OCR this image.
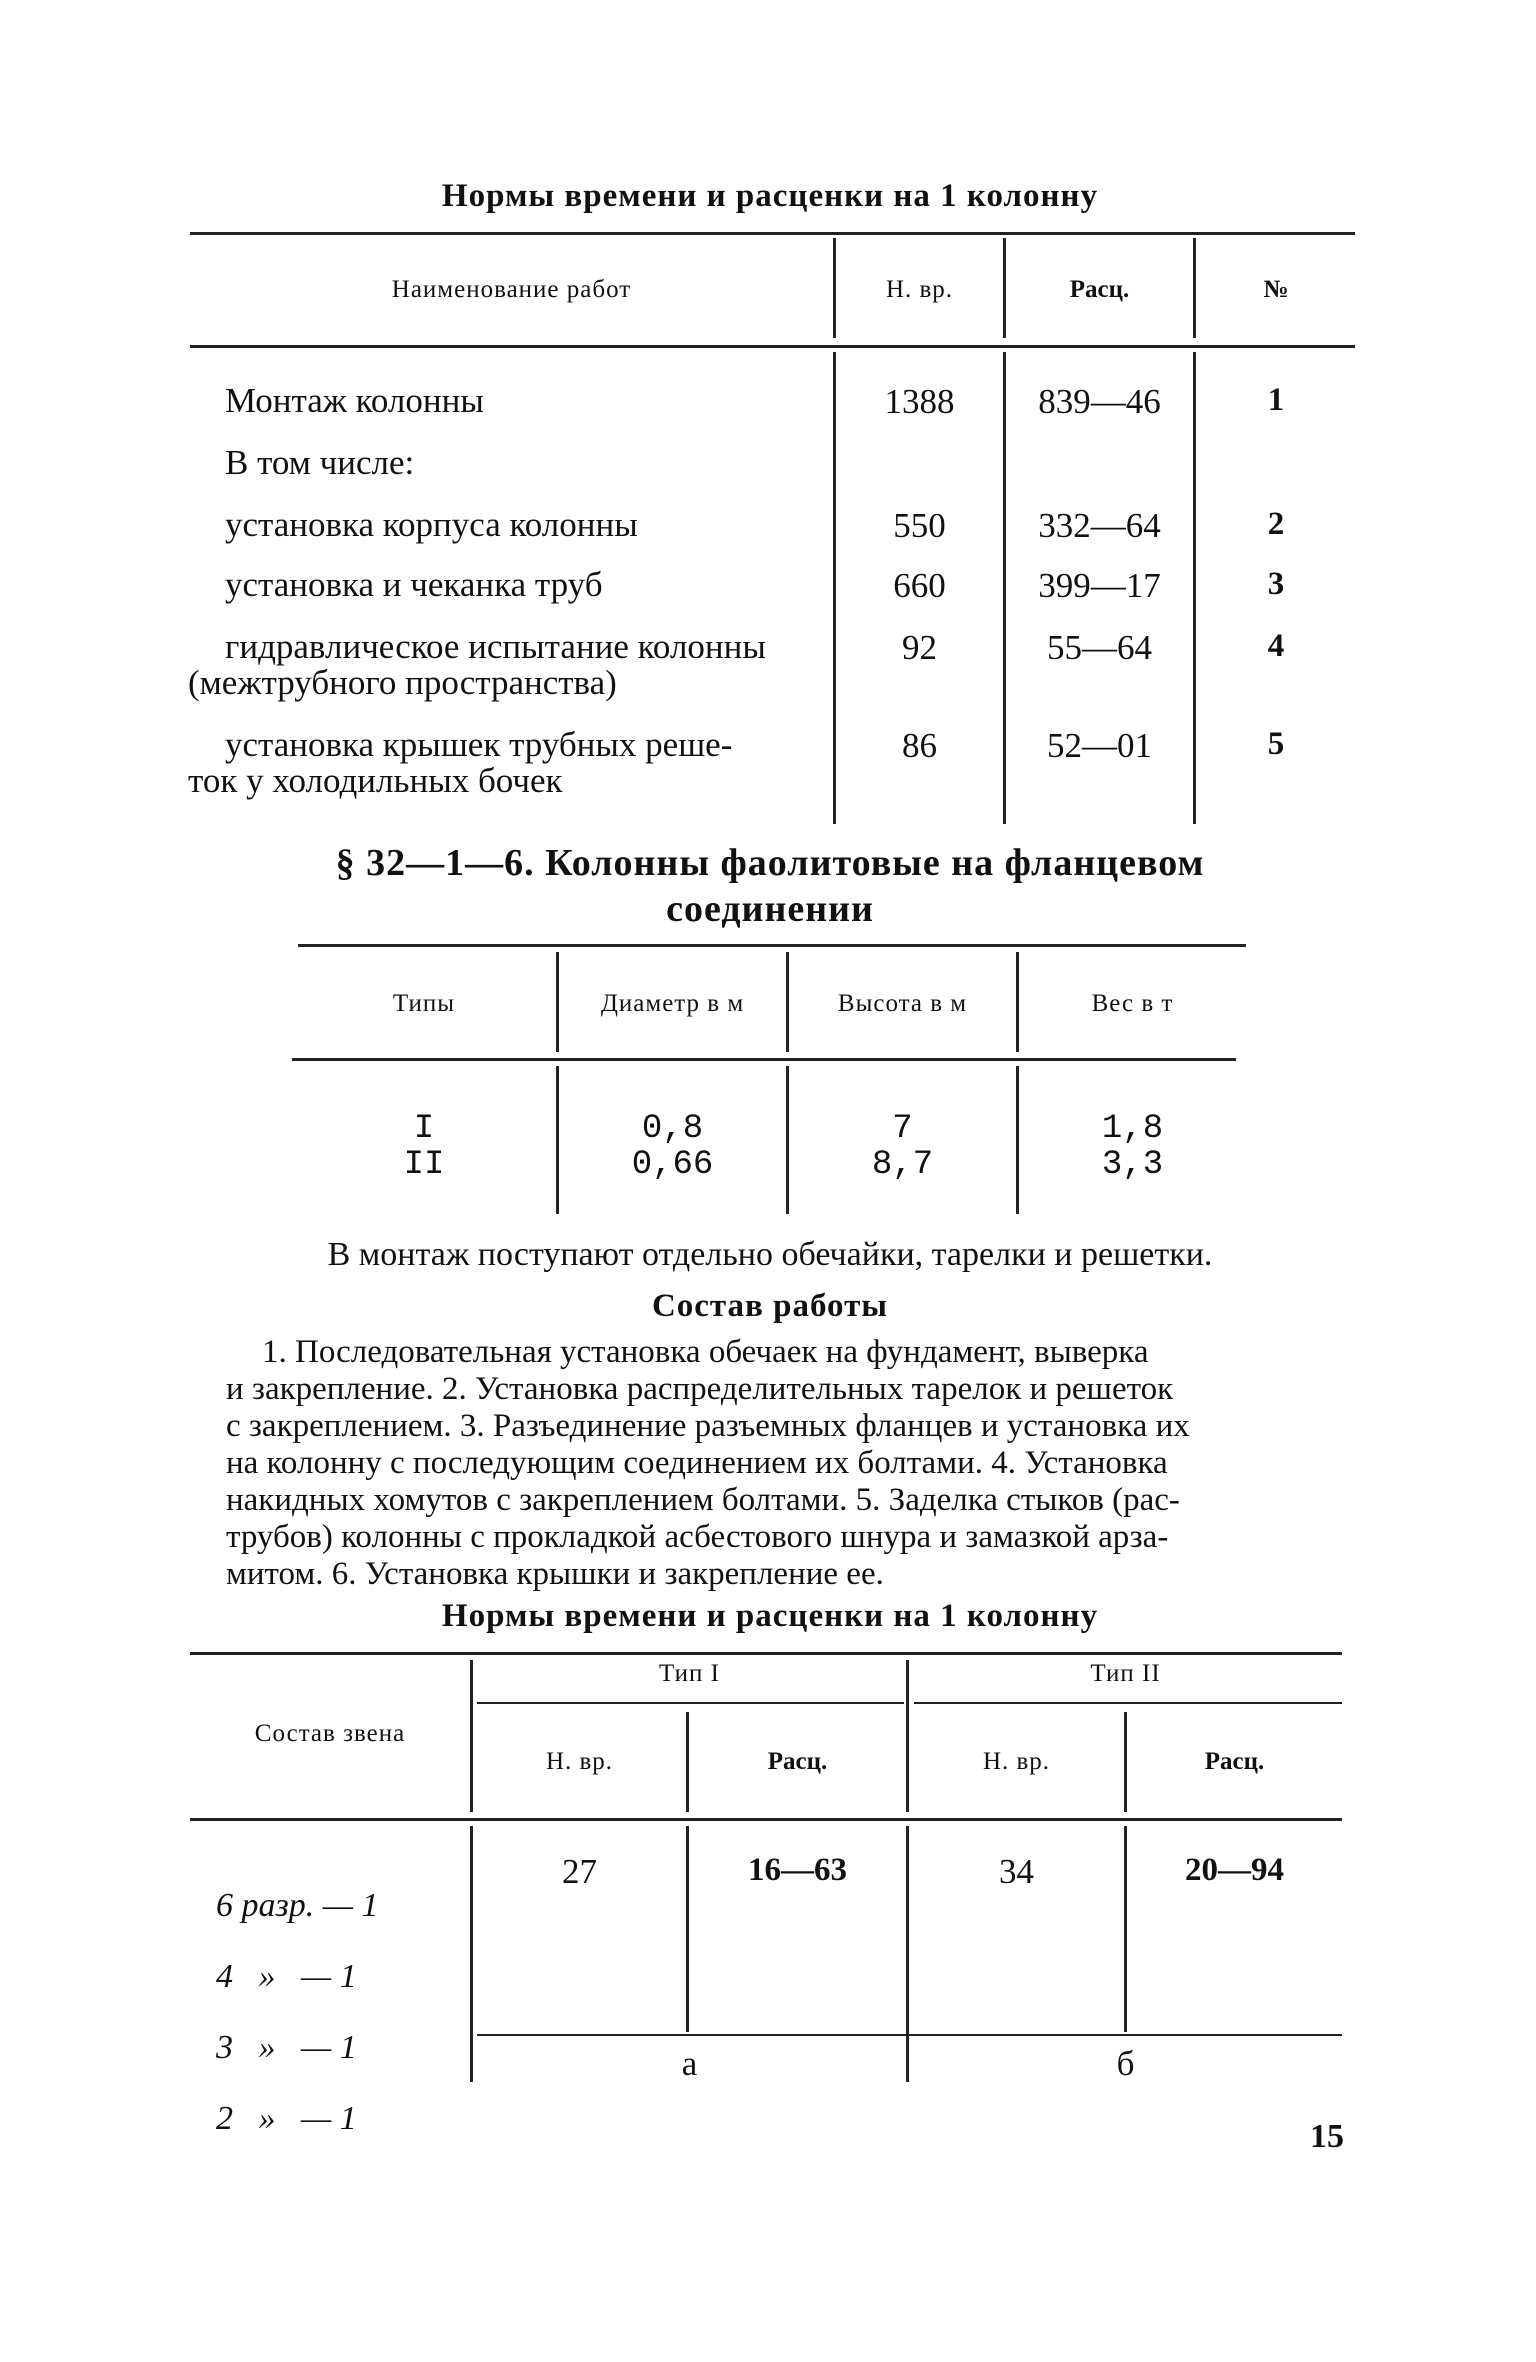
Нормы времени и расценки на 1 колонну
Наименование работ	Н. вр.	Расц.	№
Монтаж колонны	1388	839—46	1
В том числе:
установка корпуса колонны	550	332—64	2
установка и чеканка труб	660	399—17	3
гидравлическое испытание колонны
(межтрубного пространства)
92	55—64	4
установка крышек трубных реше-
ток у холодильных бочек
86	52—01	5
§ 32—1—6. Колонны фаолитовые на фланцевом
соединении
Типы	Диаметр в м	Высота в м	Вес в т
I	0,8	7	1,8
II	0,66	8,7	3,3
В монтаж поступают отдельно обечайки, тарелки и решетки.
Состав работы
1. Последовательная установка обечаек на фундамент, выверка
и закрепление. 2. Установка распределительных тарелок и решеток
с закреплением. 3. Разъединение разъемных фланцев и установка их
на колонну с последующим соединением их болтами. 4. Установка
накидных хомутов с закреплением болтами. 5. Заделка стыков (рас-
трубов) колонны с прокладкой асбестового шнура и замазкой арза-
митом. 6. Установка крышки и закрепление ее.
Нормы времени и расценки на 1 колонну
Состав звена
Тип I	Тип II
Н. вр.	Расц.	Н. вр.	Расц.

6 разр. — 1

4   »   — 1

3   »   — 1

2   »   — 1

27	16—63	34	20—94
а	б
15
